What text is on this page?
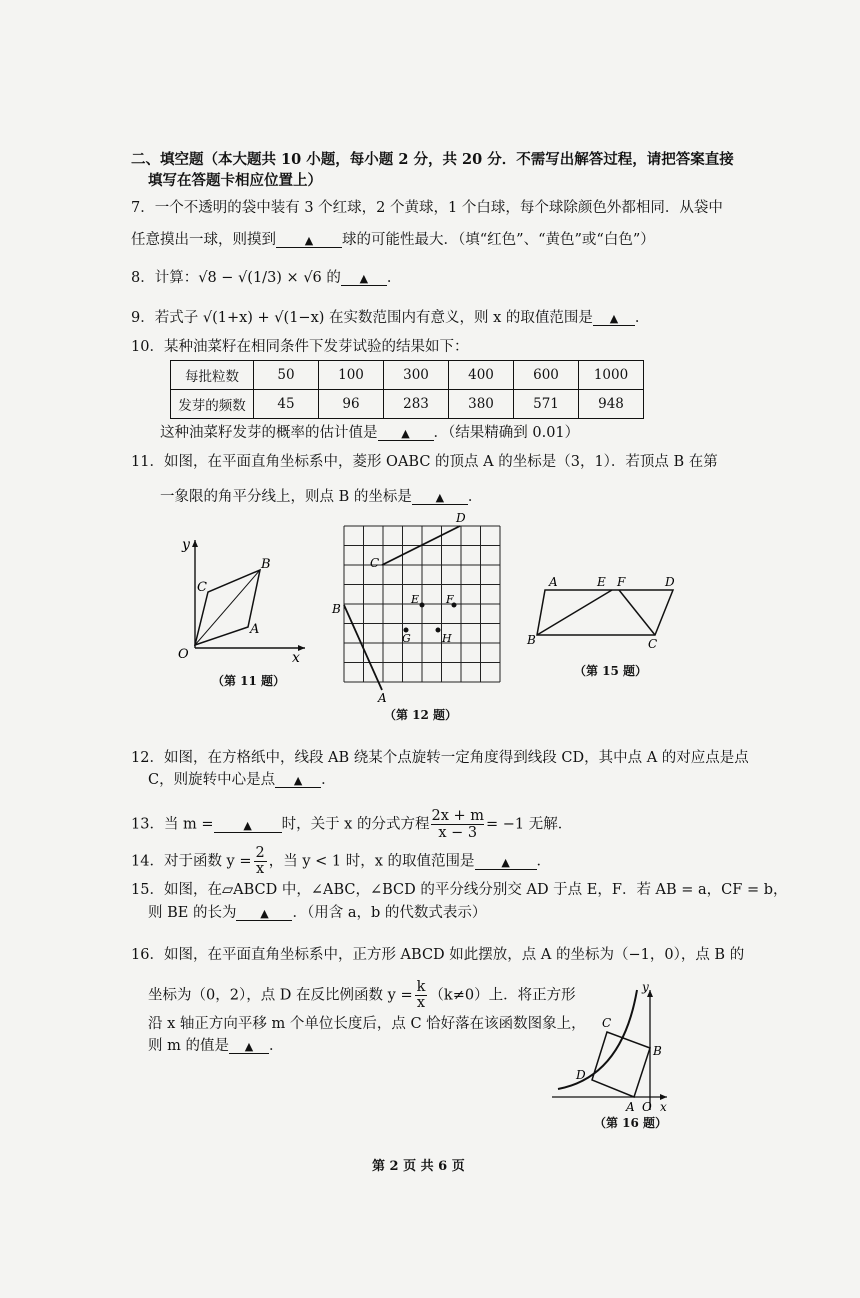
二、填空题（本大题共 10 小题，每小题 2 分，共 20 分．不需写出解答过程，请把答案直接
填写在答题卡相应位置上）
7．一个不透明的袋中装有 3 个红球，2 个黄球，1 个白球，每个球除颜色外都相同．从袋中
任意摸出一球，则摸到	▲ 球的可能性最大．（填“红色”、“黄色”或“白色”）
8．计算：√8 − √(1/3) × √6 的 ▲ ．
9．若式子 √(1+x) + √(1−x) 在实数范围内有意义，则 x 的取值范围是 ▲ ．
10．某种油菜籽在相同条件下发芽试验的结果如下：
每批粒数	50	100	300	400	600	1000
发芽的频数	45	96	283	380	571	948
这种油菜籽发芽的概率的估计值是 ▲ ．（结果精确到 0.01）
11．如图，在平面直角坐标系中，菱形 OABC 的顶点 A 的坐标是（3，1）．若顶点 B 在第
一象限的角平分线上，则点 B 的坐标是 ▲ ．
y
x
O
A
B
C
（第 11 题）
B
A
C
D
E F
G	H
（第 12 题）
A	E F	D
B	C
（第 15 题）
12．如图，在方格纸中，线段 AB 绕某个点旋转一定角度得到线段 CD，其中点 A 的对应点是点
C，则旋转中心是点 ▲ ．
13．当 m =	▲ 时，关于 x 的分式方程 $\frac{2x + m}{x - 3} = -1$ 无解．
14．对于函数 $y = \frac{2}{x}$ ，当 y < 1 时，x 的取值范围是 ▲ ．
15．如图，在▱ABCD 中，∠ABC，∠BCD 的平分线分别交 AD 于点 E，F．若 AB = a，CF = b，
则 BE 的长为 ▲ ．（用含 a，b 的代数式表示）
16．如图，在平面直角坐标系中，正方形 ABCD 如此摆放，点 A 的坐标为（−1，0），点 B 的
坐标为（0，2），点 D 在反比例函数 $y = \frac{k}{x} (k\ne 0)$上．将正方形
沿 x 轴正方向平移 m 个单位长度后，点 C 恰好落在该函数图象上，
则 m 的值是 ▲ ．
y
x
O
A
B
C
D
（第 16 题）
第 2 页 共 6 页
